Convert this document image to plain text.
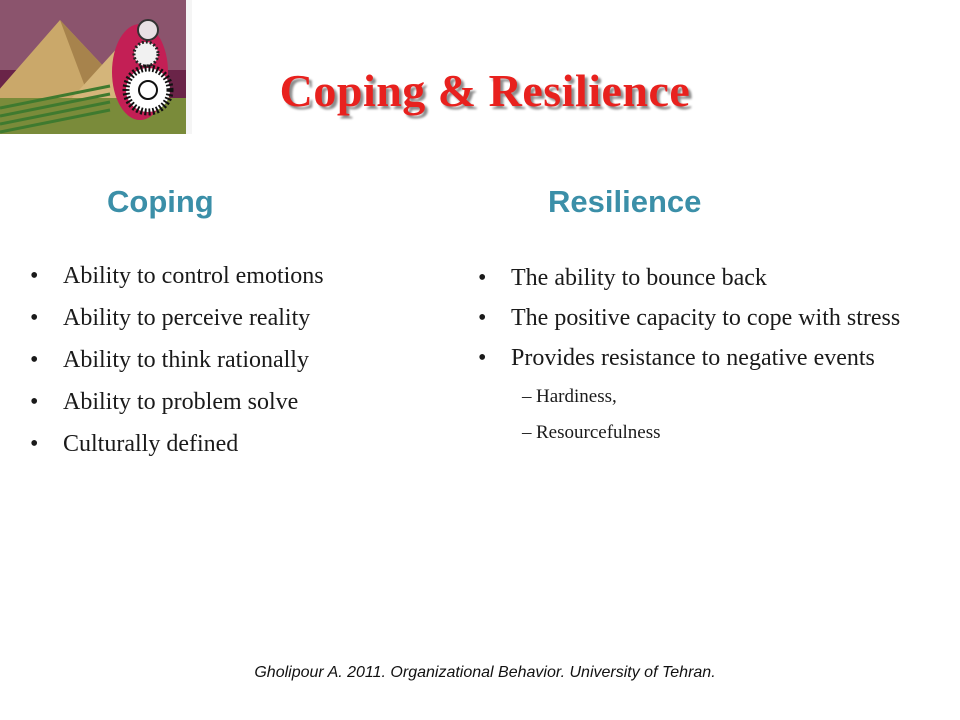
Coping & Resilience
Coping	Resilience
• Ability to control emotions
• Ability to perceive reality
• Ability to think rationally
• Ability to problem solve
• Culturally defined
• The ability to bounce back
• The positive capacity to cope with stress
• Provides resistance to negative events
– Hardiness,
– Resourcefulness
Gholipour A. 2011. Organizational Behavior. University of Tehran.
